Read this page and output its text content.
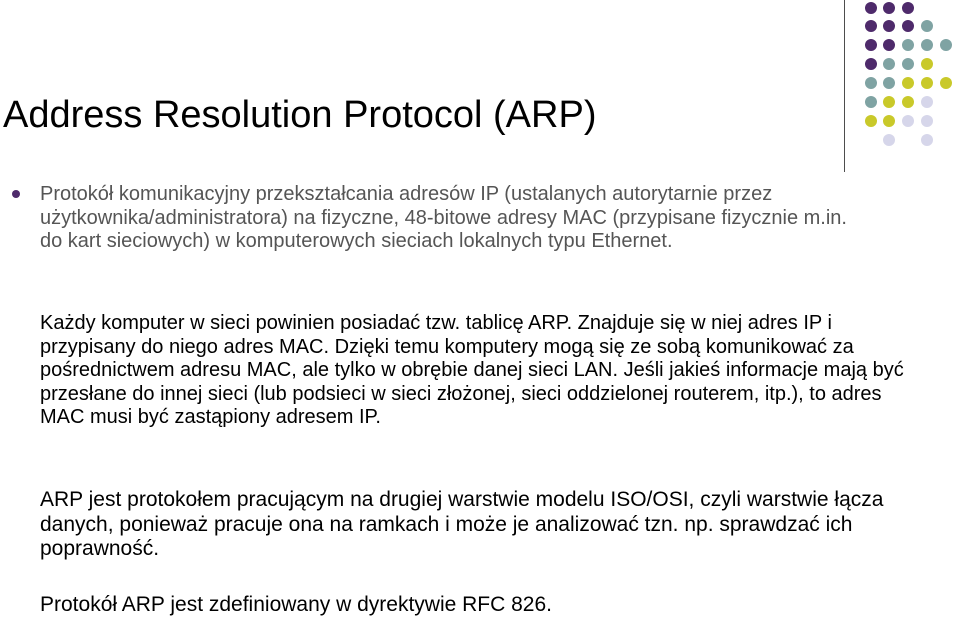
Address Resolution Protocol (ARP)

Protokół komunikacyjny przekształcania adresów IP (ustalanych autorytarnie przez użytkownika/administratora) na fizyczne, 48-bitowe adresy MAC (przypisane fizycznie m.in. do kart sieciowych) w komputerowych sieciach lokalnych typu Ethernet.

Każdy komputer w sieci powinien posiadać tzw. tablicę ARP. Znajduje się w niej adres IP i przypisany do niego adres MAC. Dzięki temu komputery mogą się ze sobą komunikować za pośrednictwem adresu MAC, ale tylko w obrębie danej sieci LAN. Jeśli jakieś informacje mają być przesłane do innej sieci (lub podsieci w sieci złożonej, sieci oddzielonej routerem, itp.), to adres MAC musi być zastąpiony adresem IP.

ARP jest protokołem pracującym na drugiej warstwie modelu ISO/OSI, czyli warstwie łącza danych, ponieważ pracuje ona na ramkach i może je analizować tzn. np. sprawdzać ich poprawność.

Protokół ARP jest zdefiniowany w dyrektywie RFC 826.
